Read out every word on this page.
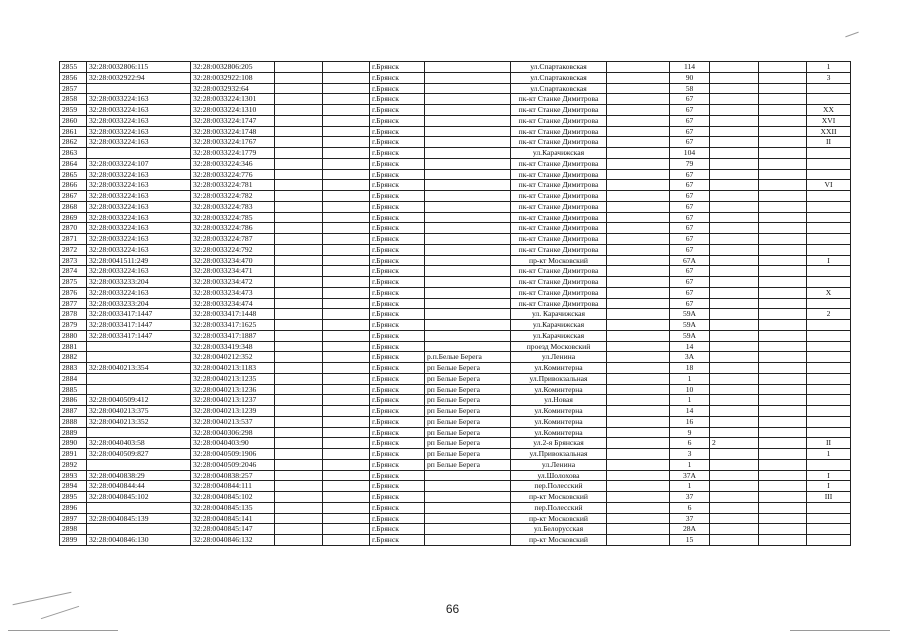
2855	32:28:0032806:115	32:28:0032806:205			г.Брянск		ул.Спартаковская		114			1
2856	32:28:0032922:94	32:28:0032922:108			г.Брянск		ул.Спартаковская		90			3
2857		32:28:0032932:64			г.Брянск		ул.Спартаковская		58			
2858	32:28:0033224:163	32:28:0033224:1301			г.Брянск		пк-кт Станке Димитрова		67			
2859	32:28:0033224:163	32:28:0033224:1310			г.Брянск		пк-кт Станке Димитрова		67			XX
2860	32:28:0033224:163	32:28:0033224:1747			г.Брянск		пк-кт Станке Димитрова		67			XVI
2861	32:28:0033224:163	32:28:0033224:1748			г.Брянск		пк-кт Станке Димитрова		67			XXII
2862	32:28:0033224:163	32:28:0033224:1767			г.Брянск		пк-кт Станке Димитрова		67			II
2863		32:28:0033224:1779			г.Брянск		ул.Карачижская		104			
2864	32:28:0033224:107	32:28:0033224:346			г.Брянск		пк-кт Станке Димитрова		79			
2865	32:28:0033224:163	32:28:0033224:776			г.Брянск		пк-кт Станке Димитрова		67			
2866	32:28:0033224:163	32:28:0033224:781			г.Брянск		пк-кт Станке Димитрова		67			VI
2867	32:28:0033224:163	32:28:0033224:782			г.Брянск		пк-кт Станке Димитрова		67			
2868	32:28:0033224:163	32:28:0033224:783			г.Брянск		пк-кт Станке Димитрова		67			
2869	32:28:0033224:163	32:28:0033224:785			г.Брянск		пк-кт Станке Димитрова		67			
2870	32:28:0033224:163	32:28:0033224:786			г.Брянск		пк-кт Станке Димитрова		67			
2871	32:28:0033224:163	32:28:0033224:787			г.Брянск		пк-кт Станке Димитрова		67			
2872	32:28:0033224:163	32:28:0033224:792			г.Брянск		пк-кт Станке Димитрова		67			
2873	32:28:0041511:249	32:28:0033234:470			г.Брянск		пр-кт Московский		67А			I
2874	32:28:0033224:163	32:28:0033234:471			г.Брянск		пк-кт Станке Димитрова		67			
2875	32:28:0033233:204	32:28:0033234:472			г.Брянск		пк-кт Станке Димитрова		67			
2876	32:28:0033224:163	32:28:0033234:473			г.Брянск		пк-кт Станке Димитрова		67			X
2877	32:28:0033233:204	32:28:0033234:474			г.Брянск		пк-кт Станке Димитрова		67			
2878	32:28:0033417:1447	32:28:0033417:1448			г.Брянск		ул. Карачижская		59А			2
2879	32:28:0033417:1447	32:28:0033417:1625			г.Брянск		ул.Карачижская		59А			
2880	32:28:0033417:1447	32:28:0033417:1887			г.Брянск		ул.Карачижская		59А			
2881		32:28:0033419:348			г.Брянск		проезд Московский		14			
2882		32:28:0040212:352			г.Брянск	р.п.Белые Берега	ул.Ленина		3А			
2883	32:28:0040213:354	32:28:0040213:1183			г.Брянск	рп Белые Берега	ул.Коминтерна		18			
2884		32:28:0040213:1235			г.Брянск	рп Белые Берега	ул.Привокзальная		1			
2885		32:28:0040213:1236			г.Брянск	рп Белые Берега	ул.Коминтерна		10			
2886	32:28:0040509:412	32:28:0040213:1237			г.Брянск	рп Белые Берега	ул.Новая		1			
2887	32:28:0040213:375	32:28:0040213:1239			г.Брянск	рп Белые Берега	ул.Коминтерна		14			
2888	32:28:0040213:352	32:28:0040213:537			г.Брянск	рп Белые Берега	ул.Коминтерна		16			
2889		32:28:0040306:298			г.Брянск	рп Белые Берега	ул.Коминтерна		9			
2890	32:28:0040403:58	32:28:0040403:90			г.Брянск	рп Белые Берега	ул.2-я Брянская		6	2		II
2891	32:28:0040509:827	32:28:0040509:1906			г.Брянск	рп Белые Берега	ул.Привокзальная		3			1
2892		32:28:0040509:2046			г.Брянск	рп Белые Берега	ул.Ленина		1			
2893	32:28:0040838:29	32:28:0040838:257			г.Брянск		ул.Шолохова		37А			I
2894	32:28:0040844:44	32:28:0040844:111			г.Брянск		пер.Полесский		1			I
2895	32:28:0040845:102	32:28:0040845:102			г.Брянск		пр-кт Московский		37			III
2896		32:28:0040845:135			г.Брянск		пер.Полесский		6			
2897	32:28:0040845:139	32:28:0040845:141			г.Брянск		пр-кт Московский		37			
2898		32:28:0040845:147			г.Брянск		ул.Белорусская		28А			
2899	32:28:0040846:130	32:28:0040846:132			г.Брянск		пр-кт Московский		15			
66
